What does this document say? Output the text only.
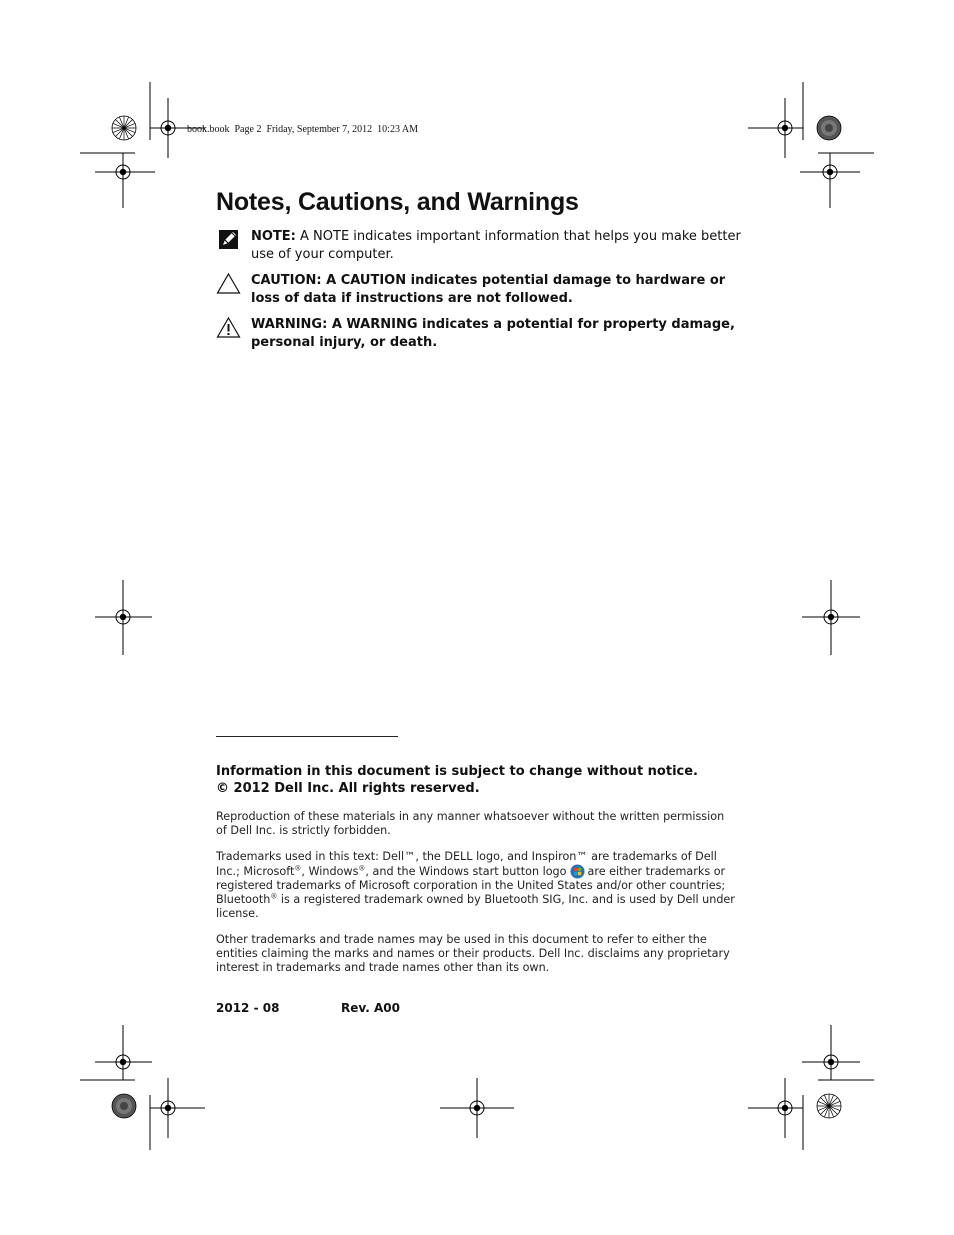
book.book  Page 2  Friday, September 7, 2012  10:23 AM
Notes, Cautions, and Warnings
NOTE: A NOTE indicates important information that helps you make better use of your computer.
CAUTION: A CAUTION indicates potential damage to hardware or loss of data if instructions are not followed.
WARNING: A WARNING indicates a potential for property damage, personal injury, or death.
Information in this document is subject to change without notice.
© 2012 Dell Inc. All rights reserved.

Reproduction of these materials in any manner whatsoever without the written permission of Dell Inc. is strictly forbidden.

Trademarks used in this text: Dell™, the DELL logo, and Inspiron™ are trademarks of Dell Inc.; Microsoft®, Windows®, and the Windows start button logo are either trademarks or registered trademarks of Microsoft corporation in the United States and/or other countries; Bluetooth® is a registered trademark owned by Bluetooth SIG, Inc. and is used by Dell under license.

Other trademarks and trade names may be used in this document to refer to either the entities claiming the marks and names or their products. Dell Inc. disclaims any proprietary interest in trademarks and trade names other than its own.

2012 - 08	Rev. A00
